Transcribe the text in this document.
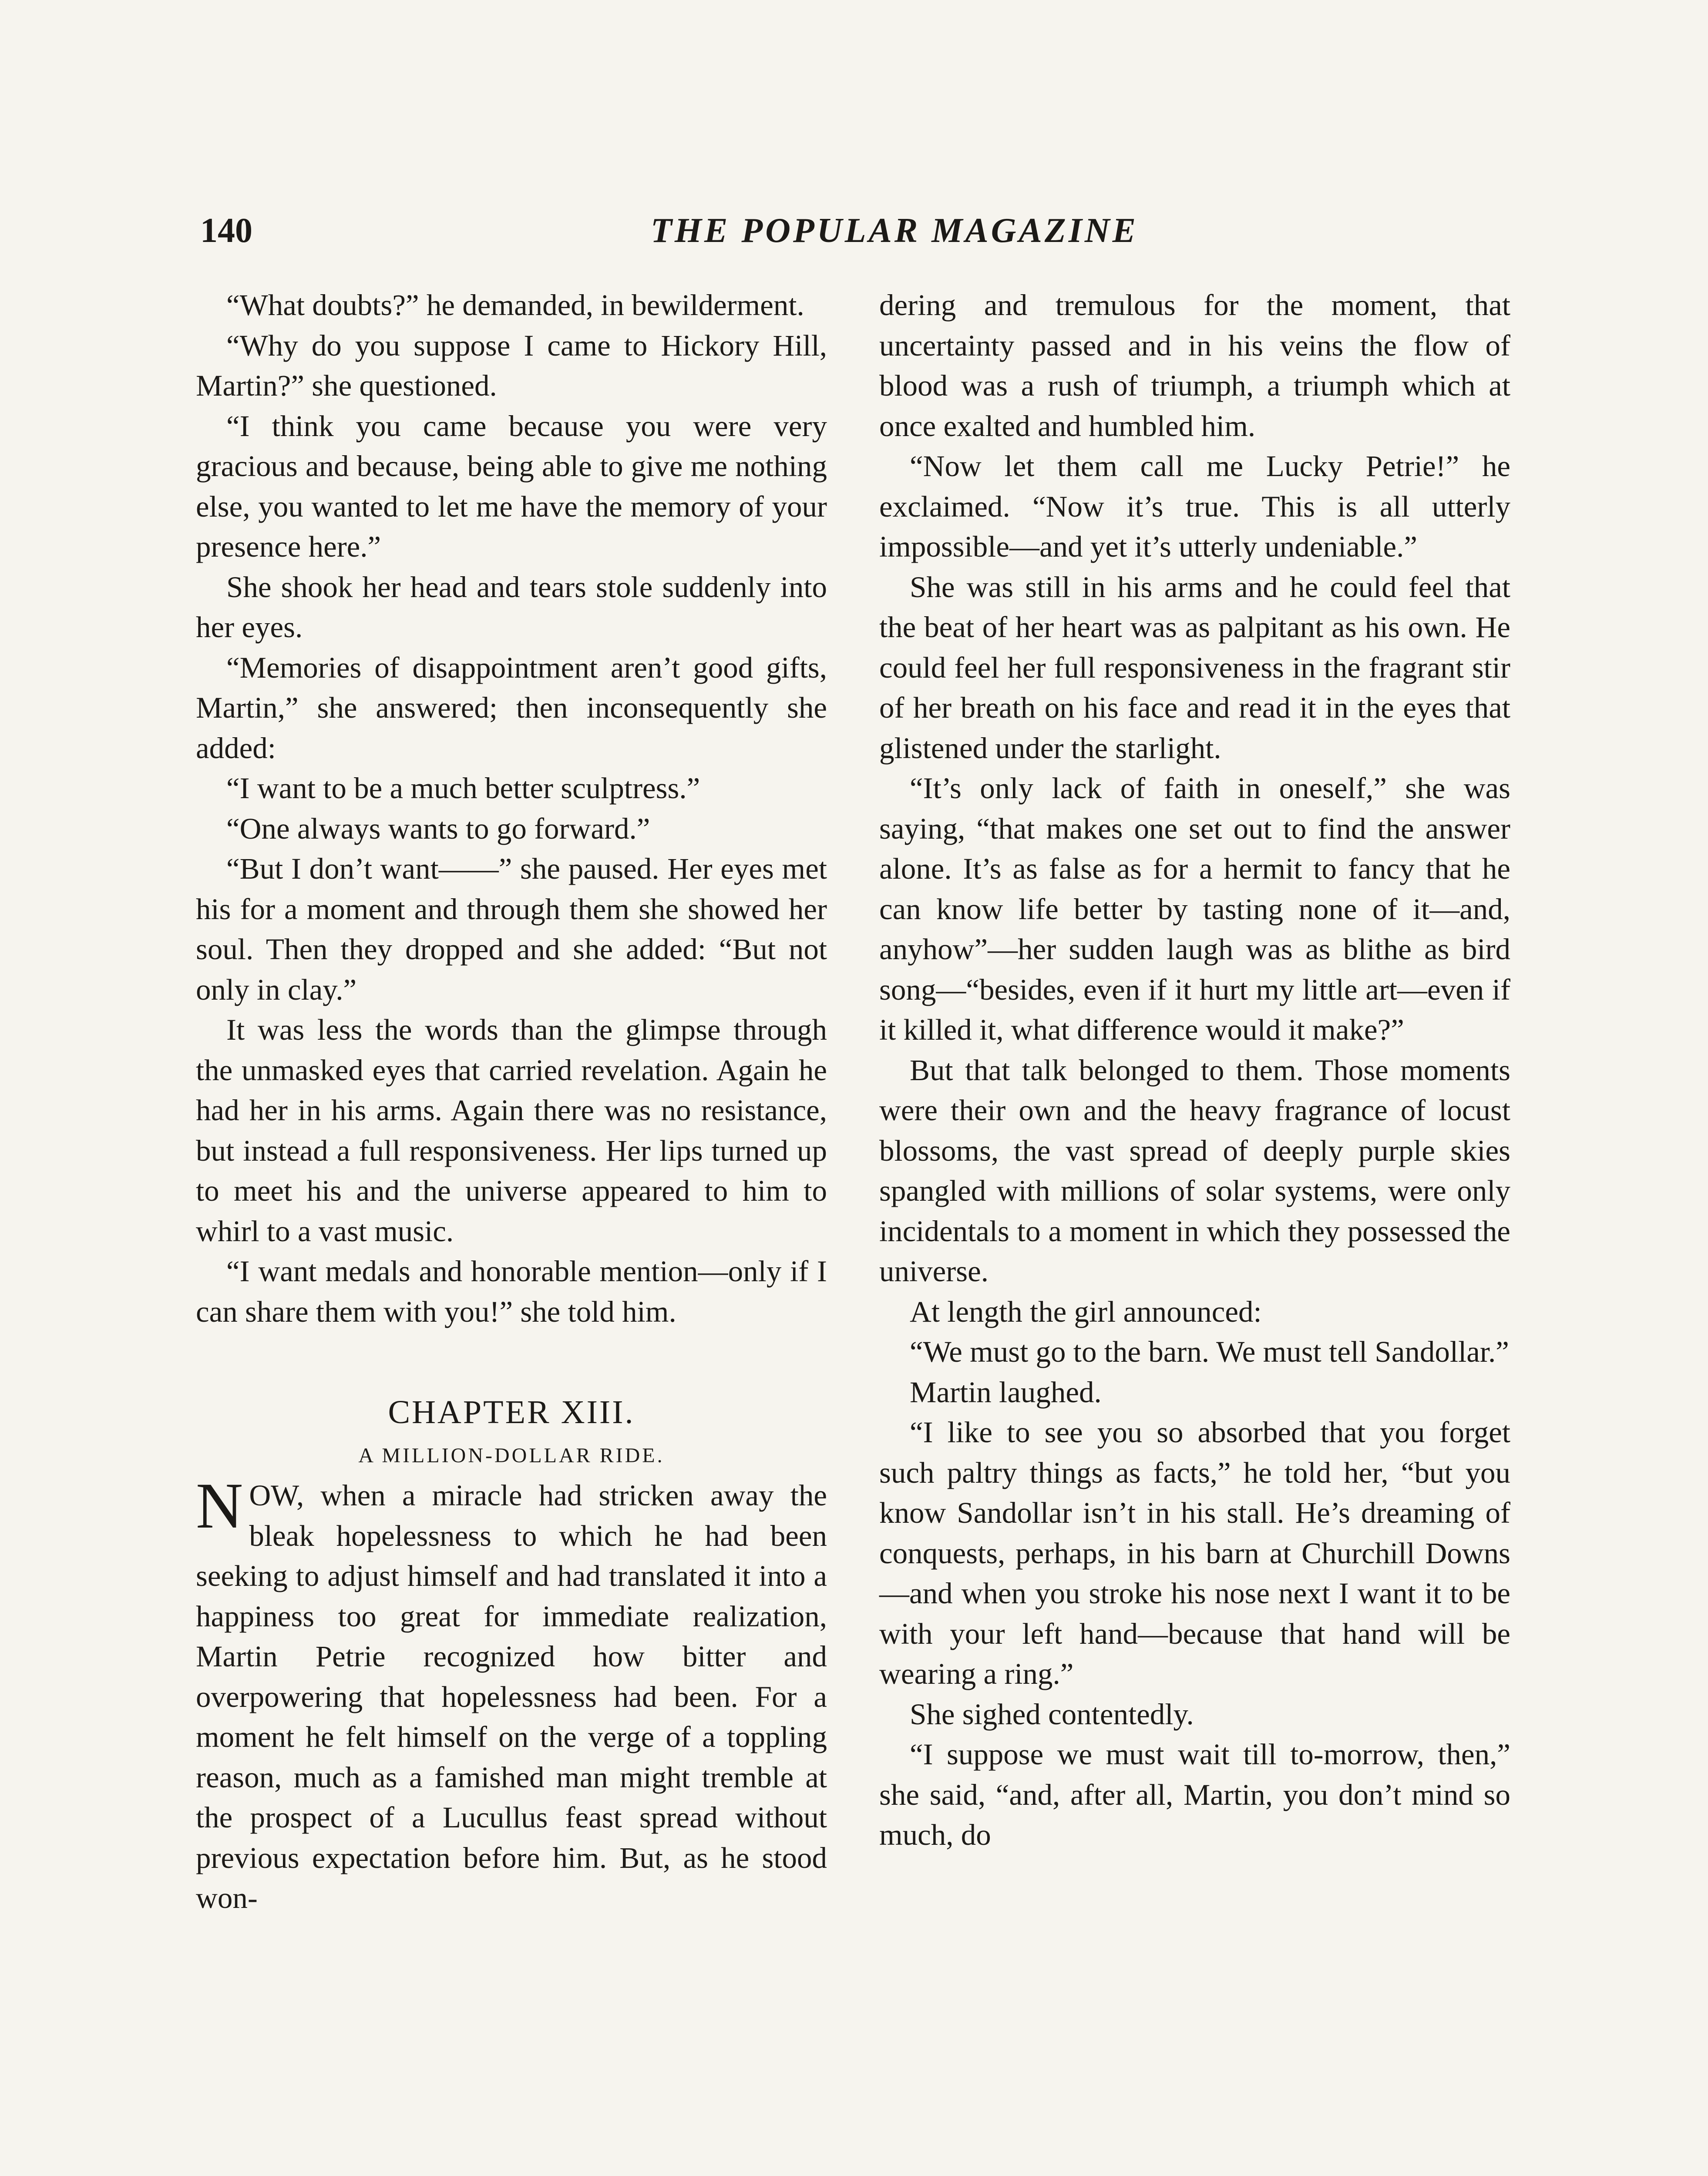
140	THE POPULAR MAGAZINE

“What doubts?” he demanded, in bewilderment.

“Why do you suppose I came to Hickory Hill, Martin?” she questioned.

“I think you came because you were very gracious and because, being able to give me nothing else, you wanted to let me have the memory of your presence here.”

She shook her head and tears stole suddenly into her eyes.

“Memories of disappointment aren’t good gifts, Martin,” she answered; then inconsequently she added:

“I want to be a much better sculptress.”

“One always wants to go forward.”

“But I don’t want——” she paused. Her eyes met his for a moment and through them she showed her soul. Then they dropped and she added: “But not only in clay.”

It was less the words than the glimpse through the unmasked eyes that carried revelation. Again he had her in his arms. Again there was no resistance, but instead a full responsiveness. Her lips turned up to meet his and the universe appeared to him to whirl to a vast music.

“I want medals and honorable mention—only if I can share them with you!” she told him.

CHAPTER XIII.

A MILLION-DOLLAR RIDE.

NOW, when a miracle had stricken away the bleak hopelessness to which he had been seeking to adjust himself and had translated it into a happiness too great for immediate realization, Martin Petrie recognized how bitter and overpowering that hopelessness had been. For a moment he felt himself on the verge of a toppling reason, much as a famished man might tremble at the prospect of a Lucullus feast spread without previous expectation before him. But, as he stood won-

dering and tremulous for the moment, that uncertainty passed and in his veins the flow of blood was a rush of triumph, a triumph which at once exalted and humbled him.

“Now let them call me Lucky Petrie!” he exclaimed. “Now it’s true. This is all utterly impossible—and yet it’s utterly undeniable.”

She was still in his arms and he could feel that the beat of her heart was as palpitant as his own. He could feel her full responsiveness in the fragrant stir of her breath on his face and read it in the eyes that glistened under the starlight.

“It’s only lack of faith in oneself,” she was saying, “that makes one set out to find the answer alone. It’s as false as for a hermit to fancy that he can know life better by tasting none of it—and, anyhow”—her sudden laugh was as blithe as bird song—“besides, even if it hurt my little art—even if it killed it, what difference would it make?”

But that talk belonged to them. Those moments were their own and the heavy fragrance of locust blossoms, the vast spread of deeply purple skies spangled with millions of solar systems, were only incidentals to a moment in which they possessed the universe.

At length the girl announced:

“We must go to the barn. We must tell Sandollar.”

Martin laughed.

“I like to see you so absorbed that you forget such paltry things as facts,” he told her, “but you know Sandollar isn’t in his stall. He’s dreaming of conquests, perhaps, in his barn at Churchill Downs—and when you stroke his nose next I want it to be with your left hand—because that hand will be wearing a ring.”

She sighed contentedly.

“I suppose we must wait till to-morrow, then,” she said, “and, after all, Martin, you don’t mind so much, do
